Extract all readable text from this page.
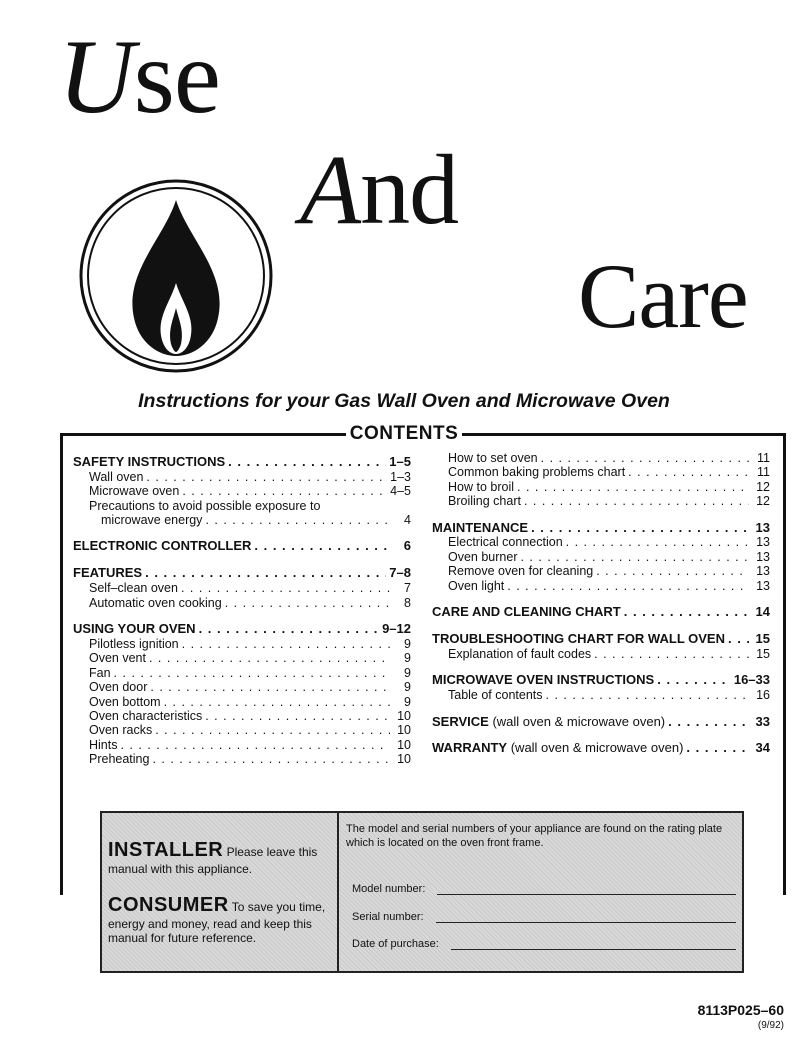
Use
And
Care
Instructions for your Gas Wall Oven and Microwave Oven
CONTENTS
SAFETY INSTRUCTIONS . . .	1–5
Wall oven . . .	1–3
Microwave oven . . .	4–5
Precautions to avoid possible exposure to
microwave energy . . .	4
ELECTRONIC CONTROLLER . . .	6
FEATURES . . .	7–8
Self–clean oven . . .	7
Automatic oven cooking . . .	8
USING YOUR OVEN . . .	9–12
Pilotless ignition . . .	9
Oven vent . . .	9
Fan . . .	9
Oven door . . .	9
Oven bottom . . .	9
Oven characteristics . . .	10
Oven racks . . .	10
Hints . . .	10
Preheating . . .	10
How to set oven . . .	11
Common baking problems chart . . .	11
How to broil . . .	12
Broiling chart . . .	12
MAINTENANCE . . .	13
Electrical connection . . .	13
Oven burner . . .	13
Remove oven for cleaning . . .	13
Oven light . . .	13
CARE AND CLEANING CHART . . .	14
TROUBLESHOOTING CHART FOR WALL OVEN . . . 15
Explanation of fault codes . . .	15
MICROWAVE OVEN INSTRUCTIONS . . .	16–33
Table of contents . . .	16
SERVICE (wall oven & microwave oven) . . .	33
WARRANTY (wall oven & microwave oven) . . .	34
INSTALLER Please leave this manual with this appliance.
CONSUMER To save you time, energy and money, read and keep this manual for future reference.
The model and serial numbers of your appliance are found on the rating plate which is located on the oven front frame.
Model number:
Serial number:
Date of purchase:
8113P025–60
(9/92)
